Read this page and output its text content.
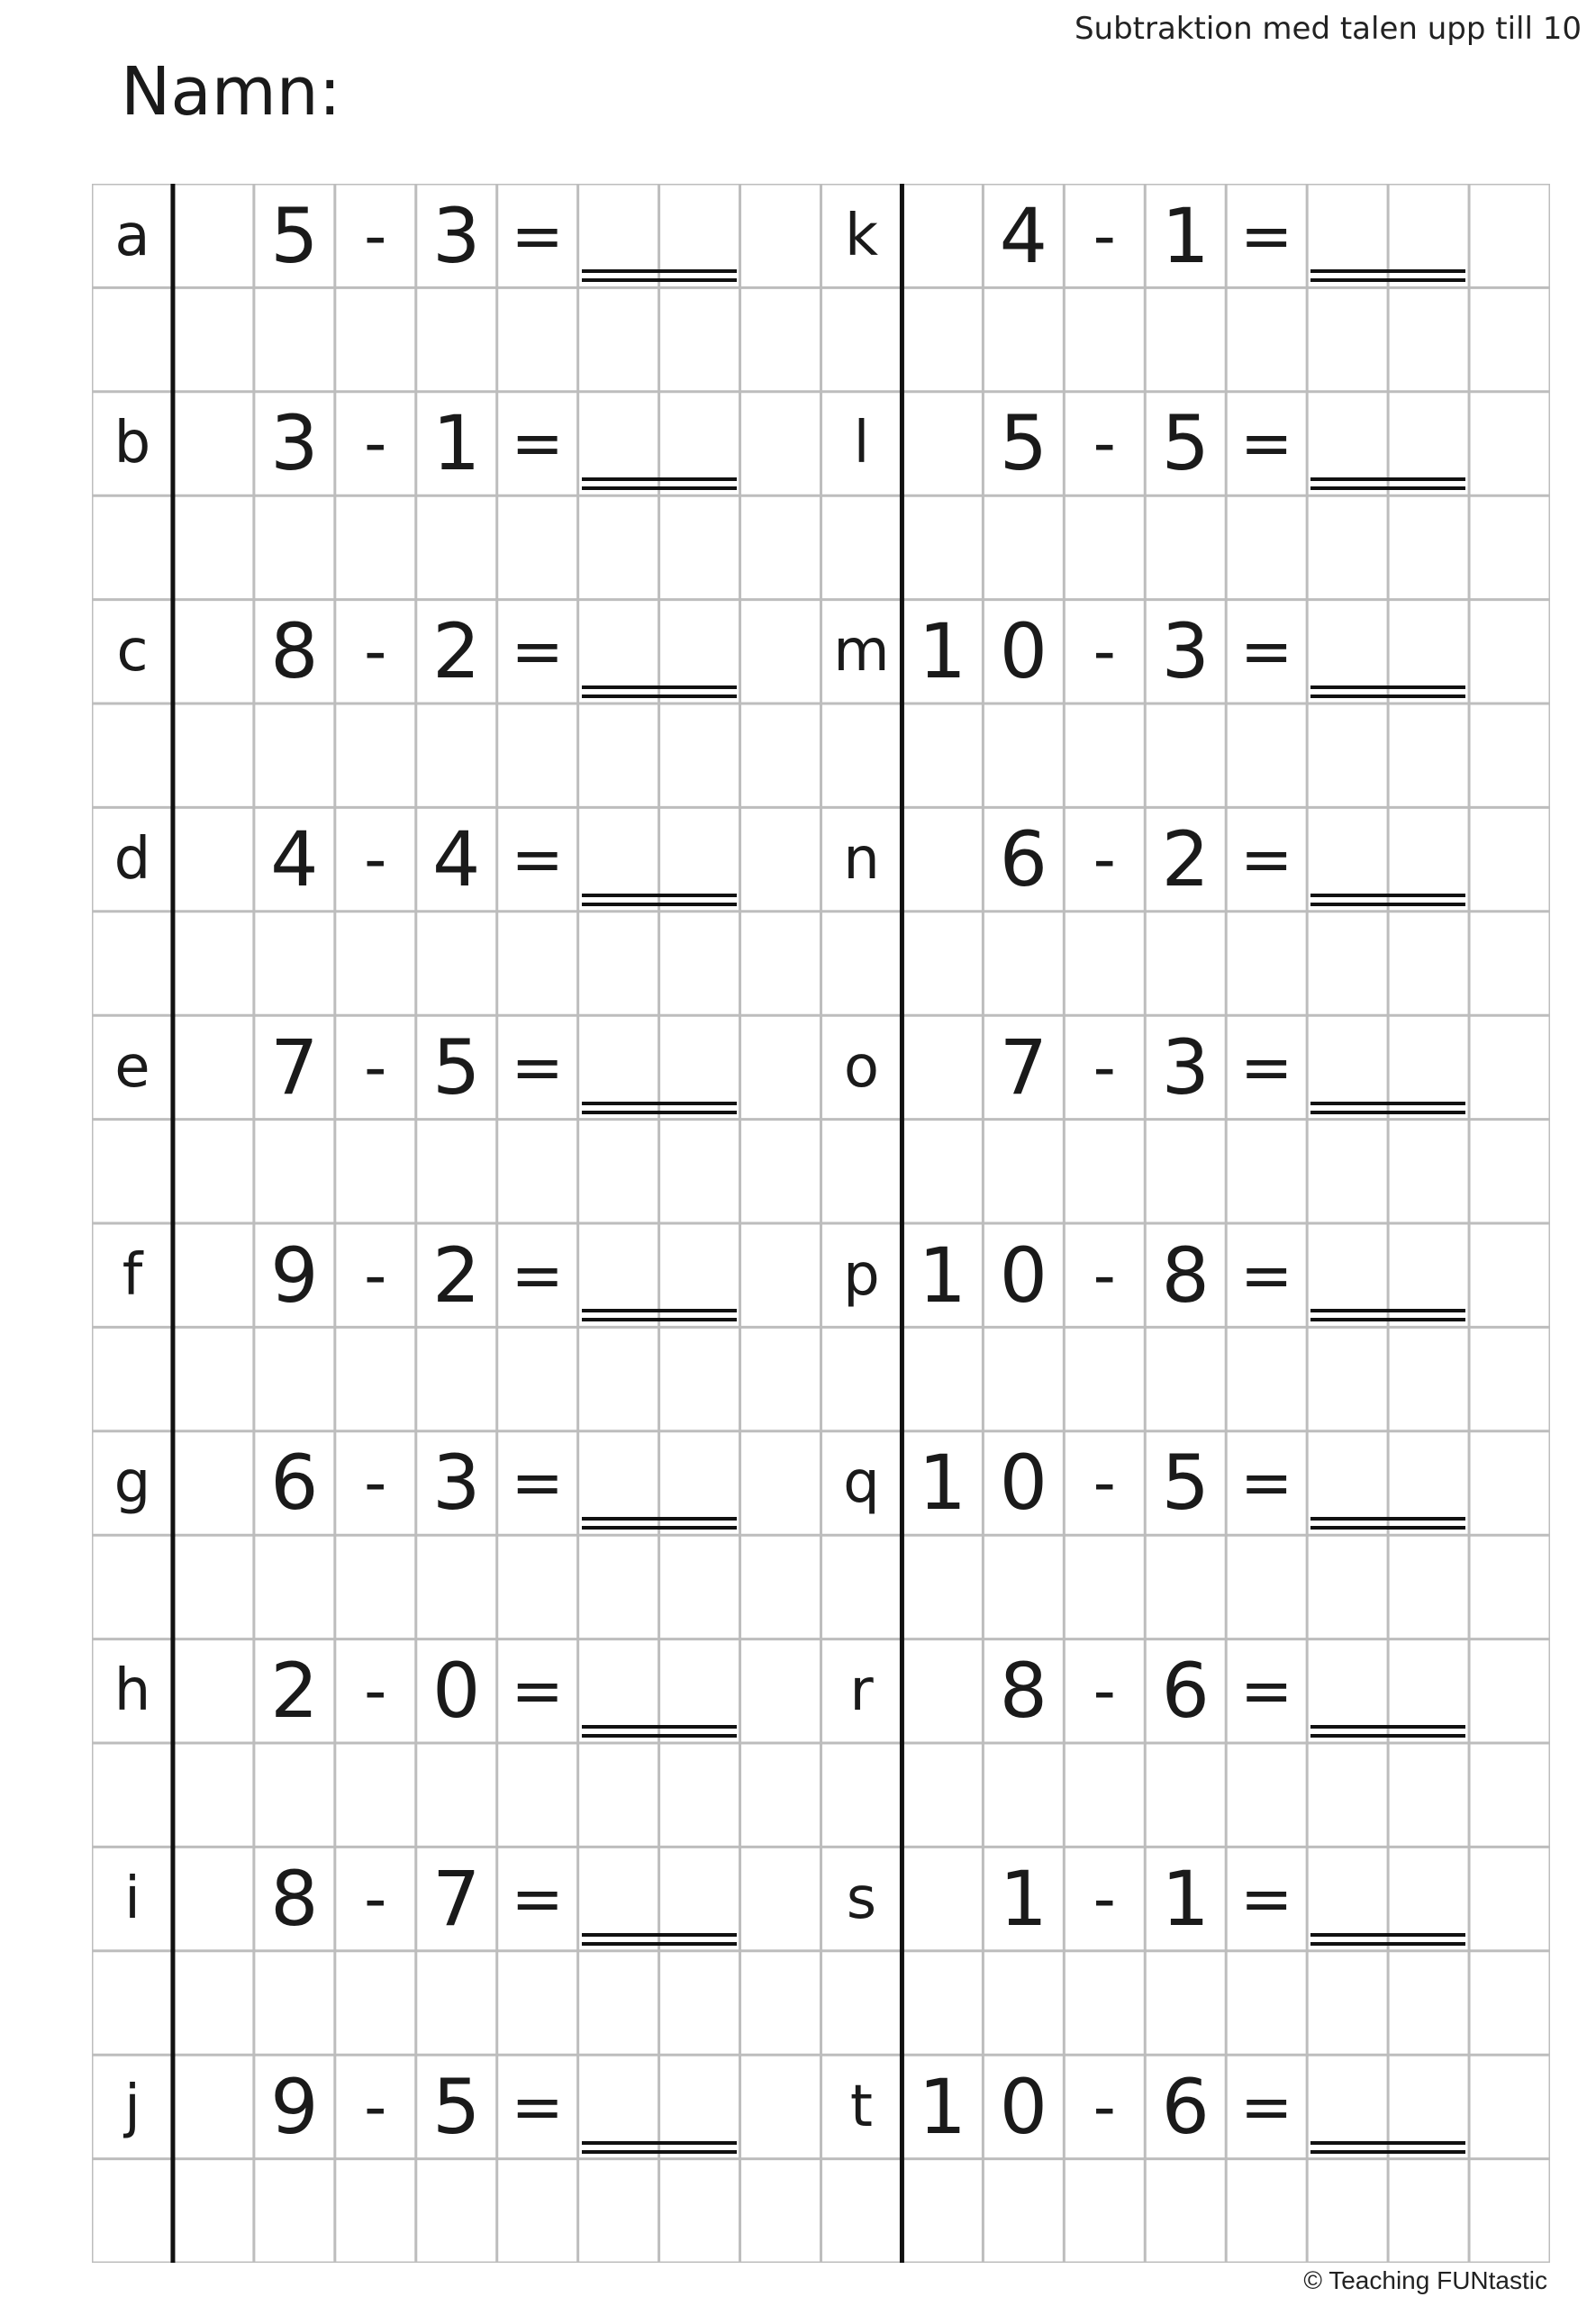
Subtraktion med talen upp till 10
Namn:
a	5 - 3 =
b 3 - 1 =
c	8 - 2 =
d 4 - 4 =
e	7 - 5 =
f	9 - 2 =
g 6 - 3 =
h 2 - 0 =
i	8 - 7 =
j	9 - 5 =
k	4 - 1 =
l	5 - 5 =
m 1 0 - 3 =
n 6 - 2 =
o	7 - 3 =
p 1 0 - 8 =
q 1 0 - 5 =
r	8 - 6 =
s	1 - 1 =
t 1 0 - 6 =
© Teaching FUNtastic
